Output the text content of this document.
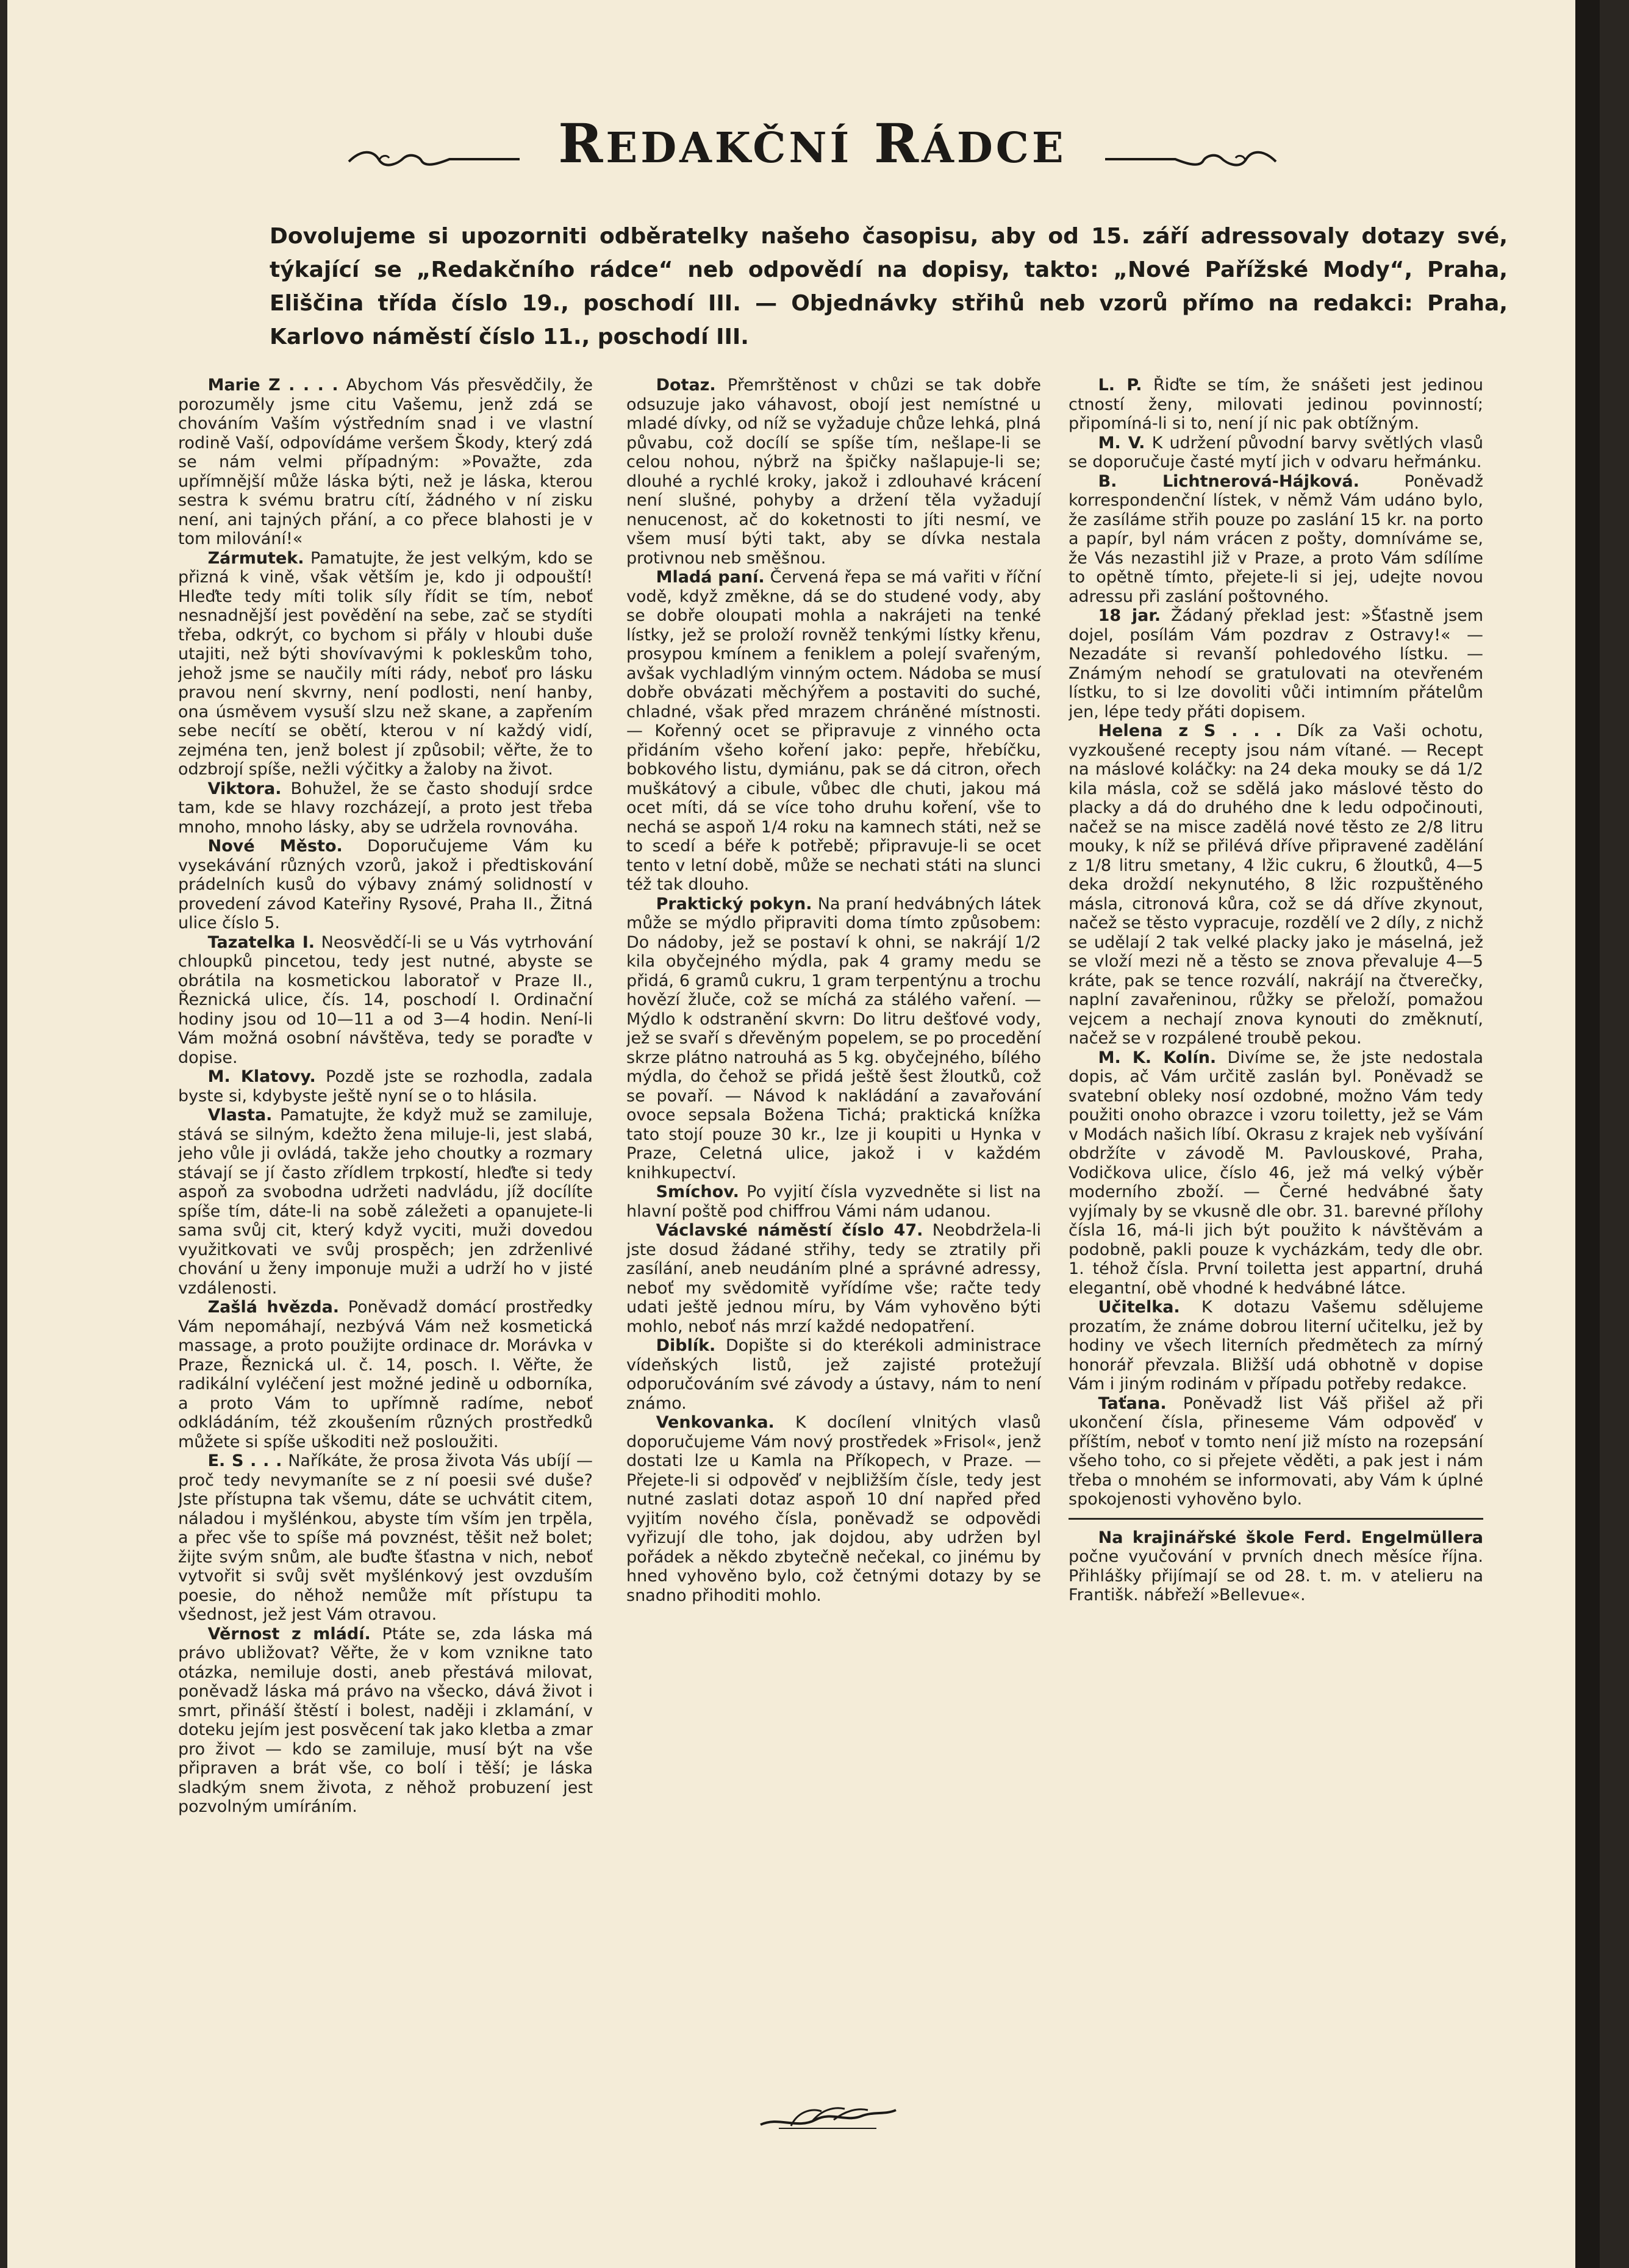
REDAKČNÍ RÁDCE
Dovolujeme si upozorniti odběratelky našeho časopisu, aby od 15. září adressovaly dotazy své, týkající se „Redakčního rádce“ neb odpovědí na dopisy, takto: „Nové Pařížské Mody“, Praha, Eliščina třída číslo 19., poschodí III. — Objednávky střihů neb vzorů přímo na redakci: Praha, Karlovo náměstí číslo 11., poschodí III.

Marie Z . . . . Abychom Vás přesvědčily, že porozuměly jsme citu Vašemu, jenž zdá se chováním Vaším výstředním snad i ve vlastní rodině Vaší, odpovídáme veršem Škody, který zdá se nám velmi případným: »Považte, zda upřímnější může láska býti, než je láska, kterou sestra k svému bratru cítí, žádného v ní zisku není, ani tajných přání, a co přece blahosti je v tom milování!«

Zármutek. Pamatujte, že jest velkým, kdo se přizná k vině, však větším je, kdo ji odpouští! Hleďte tedy míti tolik síly řídit se tím, neboť nesnadnější jest povědění na sebe, zač se stydíti třeba, odkrýt, co bychom si přály v hloubi duše utajiti, než býti shovívavými k pokleskům toho, jehož jsme se naučily míti rády, neboť pro lásku pravou není skvrny, není podlosti, není hanby, ona úsměvem vysuší slzu než skane, a zapřením sebe necítí se obětí, kterou v ní každý vidí, zejména ten, jenž bolest jí způsobil; věřte, že to odzbrojí spíše, nežli výčitky a žaloby na život.

Viktora. Bohužel, že se často shodují srdce tam, kde se hlavy rozcházejí, a proto jest třeba mnoho, mnoho lásky, aby se udržela rovnováha.

Nové Město. Doporučujeme Vám ku vysekávání různých vzorů, jakož i předtiskování prádelních kusů do výbavy známý solidností v provedení závod Kateřiny Rysové, Praha II., Žitná ulice číslo 5.

Tazatelka I. Neosvědčí-li se u Vás vytrhování chloupků pincetou, tedy jest nutné, abyste se obrátila na kosmetickou laboratoř v Praze II., Řeznická ulice, čís. 14, poschodí I. Ordinační hodiny jsou od 10—11 a od 3—4 hodin. Není-li Vám možná osobní návštěva, tedy se poraďte v dopise.

M. Klatovy. Pozdě jste se rozhodla, zadala byste si, kdybyste ještě nyní se o to hlásila.

Vlasta. Pamatujte, že když muž se zamiluje, stává se silným, kdežto žena miluje-li, jest slabá, jeho vůle ji ovládá, takže jeho choutky a rozmary stávají se jí často zřídlem trpkostí, hleďte si tedy aspoň za svobodna udržeti nadvládu, jíž docílíte spíše tím, dáte-li na sobě záležeti a opanujete-li sama svůj cit, který když vyciti, muži dovedou využitkovati ve svůj prospěch; jen zdrženlivé chování u ženy imponuje muži a udrží ho v jisté vzdálenosti.

Zašlá hvězda. Poněvadž domácí prostředky Vám nepomáhají, nezbývá Vám než kosmetická massage, a proto použijte ordinace dr. Morávka v Praze, Řeznická ul. č. 14, posch. I. Věřte, že radikální vyléčení jest možné jedině u odborníka, a proto Vám to upřímně radíme, neboť odkládáním, též zkoušením různých prostředků můžete si spíše uškoditi než posloužiti.

E. S . . . Naříkáte, že prosa života Vás ubíjí — proč tedy nevymaníte se z ní poesii své duše? Jste přístupna tak všemu, dáte se uchvátit citem, náladou i myšlénkou, abyste tím vším jen trpěla, a přec vše to spíše má povznést, těšit než bolet; žijte svým snům, ale buďte šťastna v nich, neboť vytvořit si svůj svět myšlénkový jest ovzduším poesie, do něhož nemůže mít přístupu ta všednost, jež jest Vám otravou.

Věrnost z mládí. Ptáte se, zda láska má právo ubližovat? Věřte, že v kom vznikne tato otázka, nemiluje dosti, aneb přestává milovat, poněvadž láska má právo na všecko, dává život i smrt, přináší štěstí i bolest, naději i zklamání, v doteku jejím jest posvěcení tak jako kletba a zmar pro život — kdo se zamiluje, musí být na vše připraven a brát vše, co bolí i těší; je láska sladkým snem života, z něhož probuzení jest pozvolným umíráním.

Dotaz. Přemrštěnost v chůzi se tak dobře odsuzuje jako váhavost, obojí jest nemístné u mladé dívky, od níž se vyžaduje chůze lehká, plná půvabu, což docílí se spíše tím, nešlape-li se celou nohou, nýbrž na špičky našlapuje-li se; dlouhé a rychlé kroky, jakož i zdlouhavé krácení není slušné, pohyby a držení těla vyžadují nenucenost, ač do koketnosti to jíti nesmí, ve všem musí býti takt, aby se dívka nestala protivnou neb směšnou.

Mladá paní. Červená řepa se má vařiti v říční vodě, když změkne, dá se do studené vody, aby se dobře oloupati mohla a nakrájeti na tenké lístky, jež se proloží rovněž tenkými lístky křenu, prosypou kmínem a feniklem a polejí svařeným, avšak vychladlým vinným octem. Nádoba se musí dobře obvázati měchýřem a postaviti do suché, chladné, však před mrazem chráněné místnosti. — Kořenný ocet se připravuje z vinného octa přidáním všeho koření jako: pepře, hřebíčku, bobkového listu, dymiánu, pak se dá citron, ořech muškátový a cibule, vůbec dle chuti, jakou má ocet míti, dá se více toho druhu koření, vše to nechá se aspoň 1/4 roku na kamnech státi, než se to scedí a béře k potřebě; připravuje-li se ocet tento v letní době, může se nechati státi na slunci též tak dlouho.

Praktický pokyn. Na praní hedvábných látek může se mýdlo připraviti doma tímto způsobem: Do nádoby, jež se postaví k ohni, se nakrájí 1/2 kila obyčejného mýdla, pak 4 gramy medu se přidá, 6 gramů cukru, 1 gram terpentýnu a trochu hovězí žluče, což se míchá za stálého vaření. — Mýdlo k odstranění skvrn: Do litru dešťové vody, jež se svaří s dřevěným popelem, se po procedění skrze plátno natrouhá as 5 kg. obyčejného, bílého mýdla, do čehož se přidá ještě šest žloutků, což se povaří. — Návod k nakládání a zavařování ovoce sepsala Božena Tichá; praktická knížka tato stojí pouze 30 kr., lze ji koupiti u Hynka v Praze, Celetná ulice, jakož i v každém knihkupectví.

Smíchov. Po vyjití čísla vyzvedněte si list na hlavní poště pod chiffrou Vámi nám udanou.

Václavské náměstí číslo 47. Neobdržela-li jste dosud žádané střihy, tedy se ztratily při zasílání, aneb neudáním plné a správné adressy, neboť my svědomitě vyřídíme vše; račte tedy udati ještě jednou míru, by Vám vyhověno býti mohlo, neboť nás mrzí každé nedopatření.

Diblík. Dopište si do kterékoli administrace vídeňských listů, jež zajisté protežují odporučováním své závody a ústavy, nám to není známo.

Venkovanka. K docílení vlnitých vlasů doporučujeme Vám nový prostředek »Frisol«, jenž dostati lze u Kamla na Příkopech, v Praze. — Přejete-li si odpověď v nejbližším čísle, tedy jest nutné zaslati dotaz aspoň 10 dní napřed před vyjitím nového čísla, poněvadž se odpovědi vyřizují dle toho, jak dojdou, aby udržen byl pořádek a někdo zbytečně nečekal, co jinému by hned vyhověno bylo, což četnými dotazy by se snadno přihoditi mohlo.

L. P. Řiďte se tím, že snášeti jest jedinou ctností ženy, milovati jedinou povinností; připomíná-li si to, není jí nic pak obtížným.

M. V. K udržení původní barvy světlých vlasů se doporučuje časté mytí jich v odvaru heřmánku.

B. Lichtnerová-Hájková.	Poněvadž korrespondenční lístek, v němž Vám udáno bylo, že zasíláme střih pouze po zaslání 15 kr. na porto a papír, byl nám vrácen z pošty, domníváme se, že Vás nezastihl již v Praze, a proto Vám sdílíme to opětně tímto, přejete-li si jej, udejte novou adressu při zaslání poštovného.

18 jar. Žádaný překlad jest: »Šťastně jsem dojel, posílám Vám pozdrav z Ostravy!« — Nezadáte si revanší pohledového lístku. — Známým nehodí se gratulovati na otevřeném lístku, to si lze dovoliti vůči intimním přátelům jen, lépe tedy přáti dopisem.

Helena z S . . . Dík za Vaši ochotu, vyzkoušené recepty jsou nám vítané. — Recept na máslové koláčky: na 24 deka mouky se dá 1/2 kila másla, což se sdělá jako máslové těsto do placky a dá do druhého dne k ledu odpočinouti, načež se na misce zadělá nové těsto ze 2/8 litru mouky, k níž se přilévá dříve připravené zadělání z 1/8 litru smetany, 4 lžic cukru, 6 žloutků, 4—5 deka droždí nekynutého, 8 lžic rozpuštěného másla, citronová kůra, což se dá dříve zkynout, načež se těsto vypracuje, rozdělí ve 2 díly, z nichž se udělají 2 tak velké placky jako je máselná, jež se vloží mezi ně a těsto se znova převaluje 4—5 kráte, pak se tence rozválí, nakrájí na čtverečky, naplní zavařeninou, růžky se přeloží, pomažou vejcem a nechají znova kynouti do změknutí, načež se v rozpálené troubě pekou.

M. K. Kolín. Divíme se, že jste nedostala dopis, ač Vám určitě zaslán byl. Poněvadž se svatební obleky nosí ozdobné, možno Vám tedy použiti onoho obrazce i vzoru toiletty, jež se Vám v Modách našich líbí. Okrasu z krajek neb vyšívání obdržíte v závodě M. Pavlouskové, Praha, Vodičkova ulice, číslo 46, jež má velký výběr moderního zboží. — Černé hedvábné šaty vyjímaly by se vkusně dle obr. 31. barevné přílohy čísla 16, má-li jich být použito k návštěvám a podobně, pakli pouze k vycházkám, tedy dle obr. 1. téhož čísla. První toiletta jest appartní, druhá elegantní, obě vhodné k hedvábné látce.

Učitelka. K dotazu Vašemu sdělujeme prozatím, že známe dobrou literní učitelku, jež by hodiny ve všech literních předmětech za mírný honorář převzala. Bližší udá obhotně v dopise Vám i jiným rodinám v případu potřeby redakce.

Taťana. Poněvadž list Váš přišel až při ukončení čísla, přineseme Vám odpověď v příštím, neboť v tomto není již místo na rozepsání všeho toho, co si přejete věděti, a pak jest i nám třeba o mnohém se informovati, aby Vám k úplné spokojenosti vyhověno bylo.

Na krajinářské škole Ferd. Engelmüllera počne vyučování v prvních dnech měsíce října. Přihlášky přijímají se od 28. t. m. v atelieru na Františk. nábřeží »Bellevue«.
